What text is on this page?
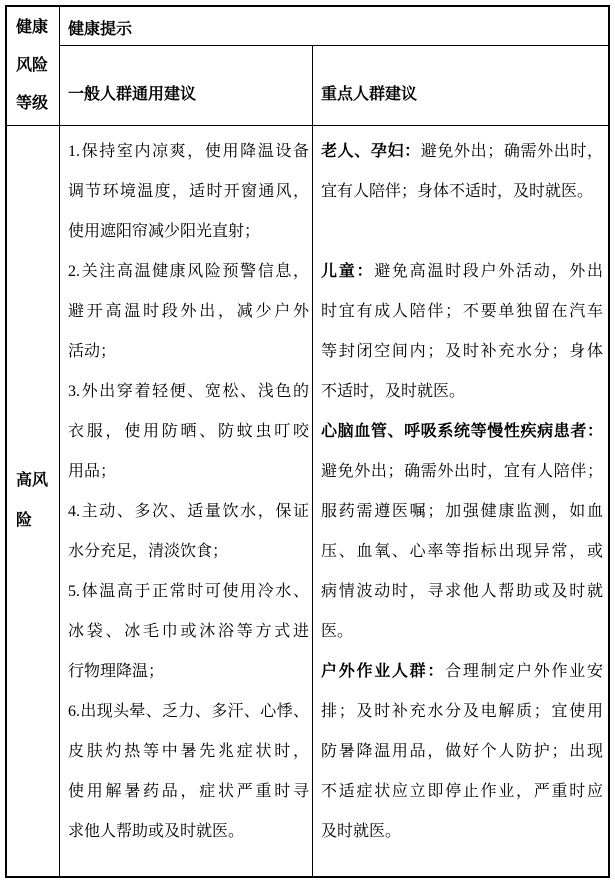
健康风险等级
健康提示
一般人群通用建议	重点人群建议
高风险
1.保持室内凉爽，使用降温设备
调节环境温度，适时开窗通风，
使用遮阳帘减少阳光直射；
2.关注高温健康风险预警信息，
避开高温时段外出，减少户外
活动；
3.外出穿着轻便、宽松、浅色的
衣服，使用防晒、防蚊虫叮咬
用品；
4.主动、多次、适量饮水，保证
水分充足，清淡饮食；
5.体温高于正常时可使用冷水、
冰袋、冰毛巾或沐浴等方式进
行物理降温；
6.出现头晕、乏力、多汗、心悸、
皮肤灼热等中暑先兆症状时，
使用解暑药品，症状严重时寻
求他人帮助或及时就医。
老人、孕妇：避免外出；确需外出时，
宜有人陪伴；身体不适时，及时就医。
儿童：避免高温时段户外活动，外出
时宜有成人陪伴；不要单独留在汽车
等封闭空间内；及时补充水分；身体
不适时，及时就医。
心脑血管、呼吸系统等慢性疾病患者：
避免外出；确需外出时，宜有人陪伴；
服药需遵医嘱；加强健康监测，如血
压、血氧、心率等指标出现异常，或
病情波动时，寻求他人帮助或及时就
医。
户外作业人群：合理制定户外作业安
排；及时补充水分及电解质；宜使用
防暑降温用品，做好个人防护；出现
不适症状应立即停止作业，严重时应
及时就医。
